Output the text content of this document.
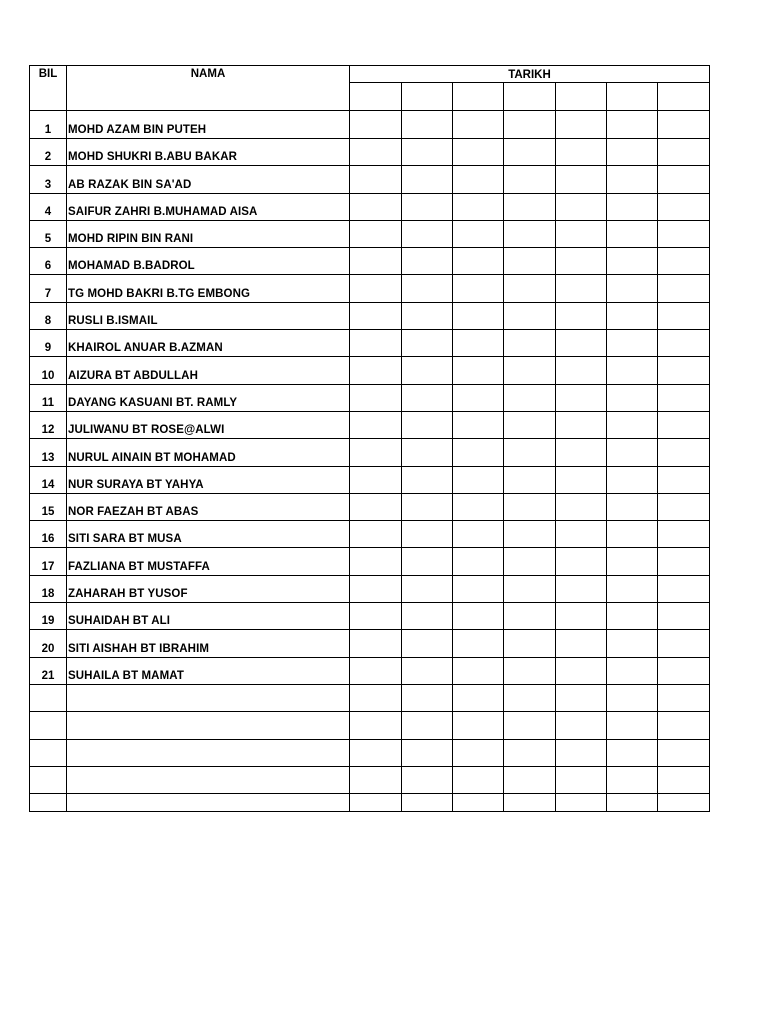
BIL	NAMA	TARIKH						

1	MOHD AZAM BIN PUTEH							
2	MOHD SHUKRI B.ABU BAKAR							
3	AB RAZAK BIN SA'AD							
4	SAIFUR ZAHRI B.MUHAMAD AISA							
5	MOHD RIPIN BIN RANI							
6	MOHAMAD B.BADROL							
7	TG MOHD BAKRI B.TG EMBONG							
8	RUSLI B.ISMAIL							
9	KHAIROL ANUAR B.AZMAN							
10	AIZURA BT ABDULLAH							
11	DAYANG KASUANI BT. RAMLY							
12	JULIWANU BT ROSE@ALWI							
13	NURUL AINAIN BT MOHAMAD							
14	NUR SURAYA BT YAHYA							
15	NOR FAEZAH BT ABAS							
16	SITI SARA BT MUSA							
17	FAZLIANA BT MUSTAFFA							
18	ZAHARAH BT YUSOF							
19	SUHAIDAH BT ALI							
20	SITI AISHAH BT IBRAHIM							
21	SUHAILA BT MAMAT							
